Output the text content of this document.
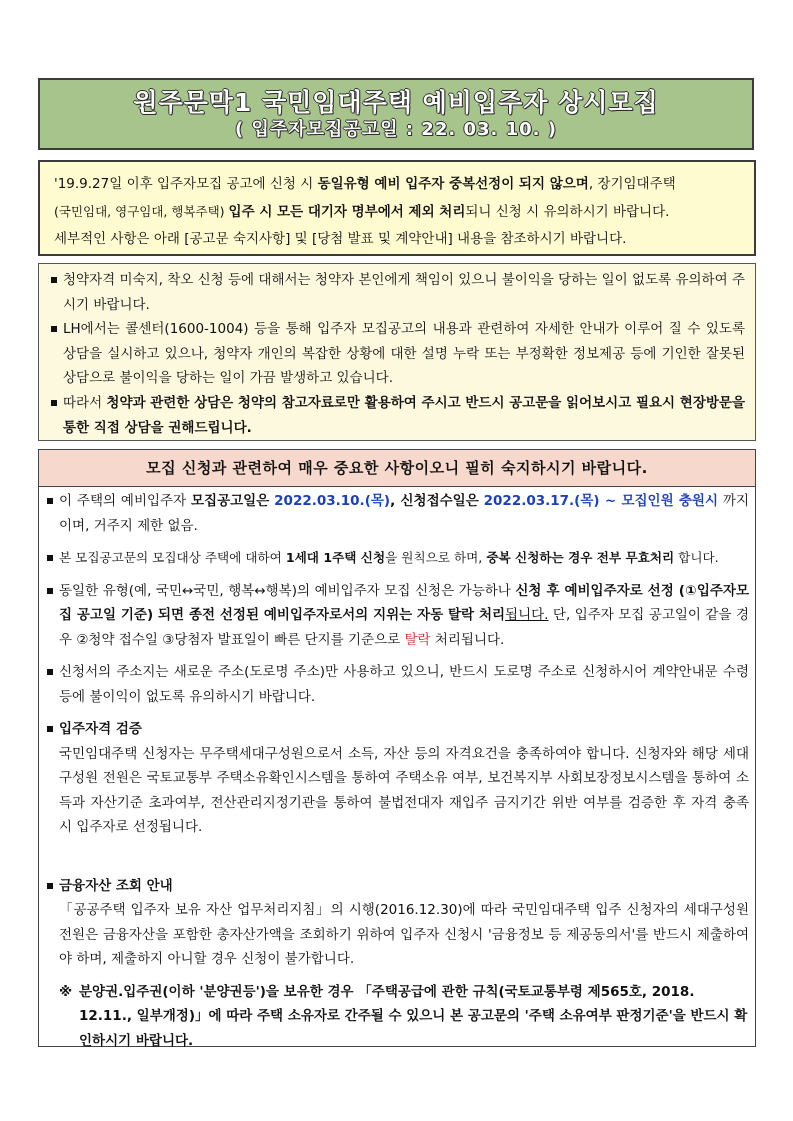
원주문막1 국민임대주택 예비입주자 상시모집
( 입주자모집공고일 : 22. 03. 10. )

'19.9.27일 이후 입주자모집 공고에 신청 시 동일유형 예비 입주자 중복선정이 되지 않으며, 장기임대주택

(국민임대, 영구임대, 행복주택) 입주 시 모든 대기자 명부에서 제외 처리되니 신청 시 유의하시기 바랍니다.

세부적인 사항은 아래 [공고문 숙지사항] 및 [당첨 발표 및 계약안내] 내용을 참조하시기 바랍니다.

청약자격 미숙지, 착오 신청 등에 대해서는 청약자 본인에게 책임이 있으니 불이익을 당하는 일이 없도록 유의하여 주시기 바랍니다.
LH에서는 콜센터(1600-1004) 등을 통해 입주자 모집공고의 내용과 관련하여 자세한 안내가 이루어 질 수 있도록 상담을 실시하고 있으나, 청약자 개인의 복잡한 상황에 대한 설명 누락 또는 부정확한 정보제공 등에 기인한 잘못된 상담으로 불이익을 당하는 일이 가끔 발생하고 있습니다.
따라서 청약과 관련한 상담은 청약의 참고자료로만 활용하여 주시고 반드시 공고문을 읽어보시고 필요시 현장방문을 통한 직접 상담을 권해드립니다.
모집 신청과 관련하여 매우 중요한 사항이오니 필히 숙지하시기 바랍니다.
이 주택의 예비입주자 모집공고일은 2022.03.10.(목), 신청접수일은 2022.03.17.(목) ~ 모집인원 충원시 까지이며, 거주지 제한 없음.
본 모집공고문의 모집대상 주택에 대하여 1세대 1주택 신청을 원칙으로 하며, 중복 신청하는 경우 전부 무효처리 합니다.
동일한 유형(예, 국민↔국민, 행복↔행복)의 예비입주자 모집 신청은 가능하나 신청 후 예비입주자로 선정 (①입주자모집 공고일 기준) 되면 종전 선정된 예비입주자로서의 지위는 자동 탈락 처리됩니다. 단, 입주자 모집 공고일이 같을 경우 ②청약 접수일 ③당첨자 발표일이 빠른 단지를 기준으로 탈락 처리됩니다.
신청서의 주소지는 새로운 주소(도로명 주소)만 사용하고 있으니, 반드시 도로명 주소로 신청하시어 계약안내문 수령 등에 불이익이 없도록 유의하시기 바랍니다.
입주자격 검증
국민임대주택 신청자는 무주택세대구성원으로서 소득, 자산 등의 자격요건을 충족하여야 합니다. 신청자와 해당 세대구성원 전원은 국토교통부 주택소유확인시스템을 통하여 주택소유 여부, 보건복지부 사회보장정보시스템을 통하여 소득과 자산기준 초과여부, 전산관리지정기관을 통하여 불법전대자 재입주 금지기간 위반 여부를 검증한 후 자격 충족 시 입주자로 선정됩니다.
금융자산 조회 안내
「공공주택 입주자 보유 자산 업무처리지침」의 시행(2016.12.30)에 따라 국민임대주택 입주 신청자의 세대구성원 전원은 금융자산을 포함한 총자산가액을 조회하기 위하여 입주자 신청시 '금융정보 등 제공동의서'를 반드시 제출하여야 하며, 제출하지 아니할 경우 신청이 불가합니다.
※ 분양권.입주권(이하 '분양권등')을 보유한 경우 「주택공급에 관한 규칙(국토교통부령 제565호, 2018. 12.11., 일부개정)」에 따라 주택 소유자로 간주될 수 있으니 본 공고문의 '주택 소유여부 판정기준'을 반드시 확인하시기 바랍니다.
